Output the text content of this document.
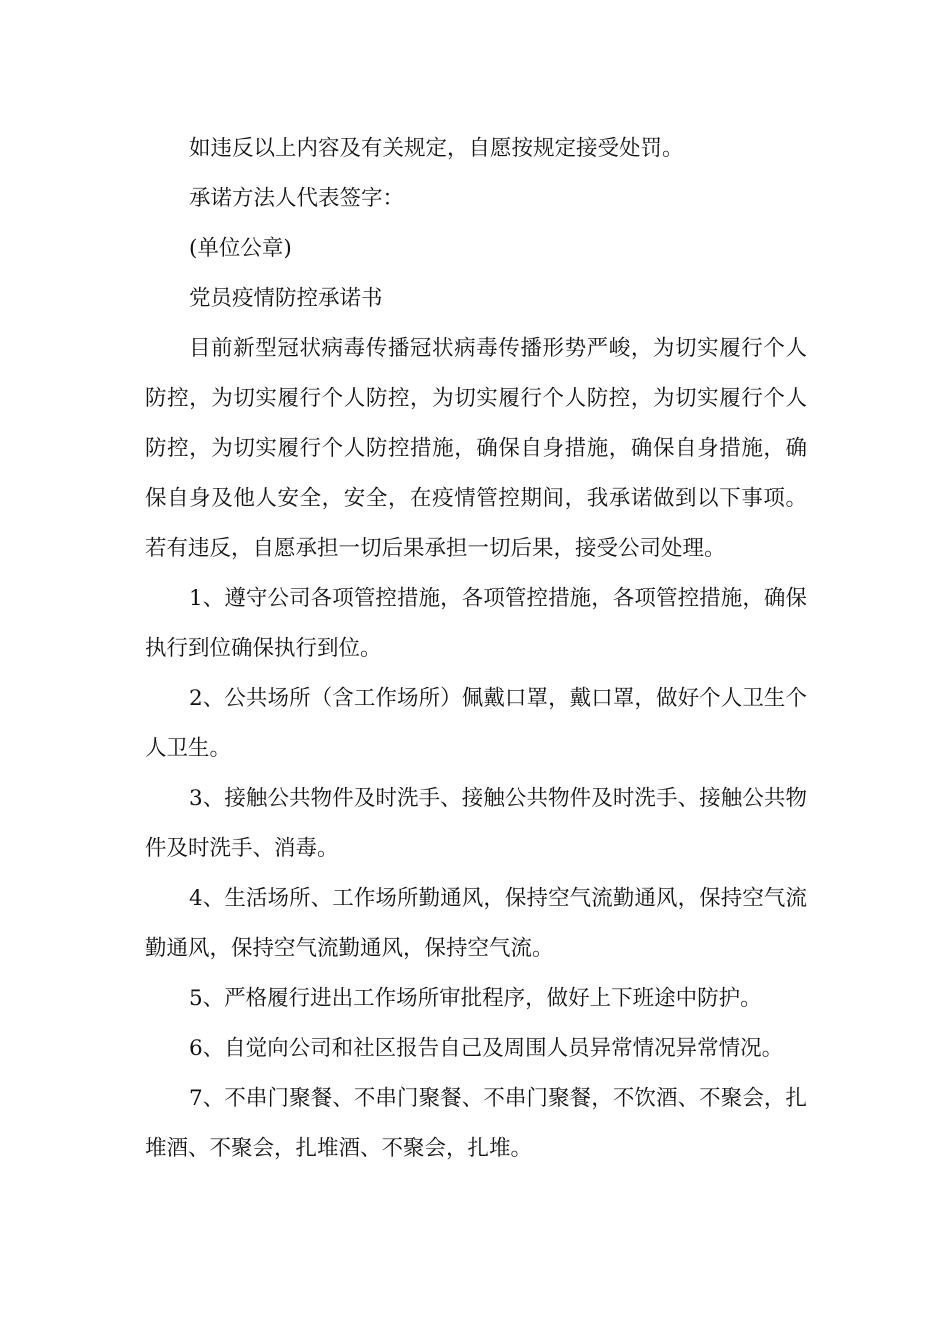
如违反以上内容及有关规定，自愿按规定接受处罚。

承诺方法人代表签字：

(单位公章)

党员疫情防控承诺书

目前新型冠状病毒传播冠状病毒传播形势严峻，为切实履行个人防控，为切实履行个人防控，为切实履行个人防控，为切实履行个人防控，为切实履行个人防控措施，确保自身措施，确保自身措施，确保自身及他人安全，安全，在疫情管控期间，我承诺做到以下事项。若有违反，自愿承担一切后果承担一切后果，接受公司处理。

1、遵守公司各项管控措施，各项管控措施，各项管控措施，确保执行到位确保执行到位。

2、公共场所（含工作场所）佩戴口罩，戴口罩，做好个人卫生个人卫生。

3、接触公共物件及时洗手、接触公共物件及时洗手、接触公共物件及时洗手、消毒。

4、生活场所、工作场所勤通风，保持空气流勤通风，保持空气流勤通风，保持空气流勤通风，保持空气流。

5、严格履行进出工作场所审批程序，做好上下班途中防护。

6、自觉向公司和社区报告自己及周围人员异常情况异常情况。

7、不串门聚餐、不串门聚餐、不串门聚餐，不饮酒、不聚会，扎堆酒、不聚会，扎堆酒、不聚会，扎堆。
